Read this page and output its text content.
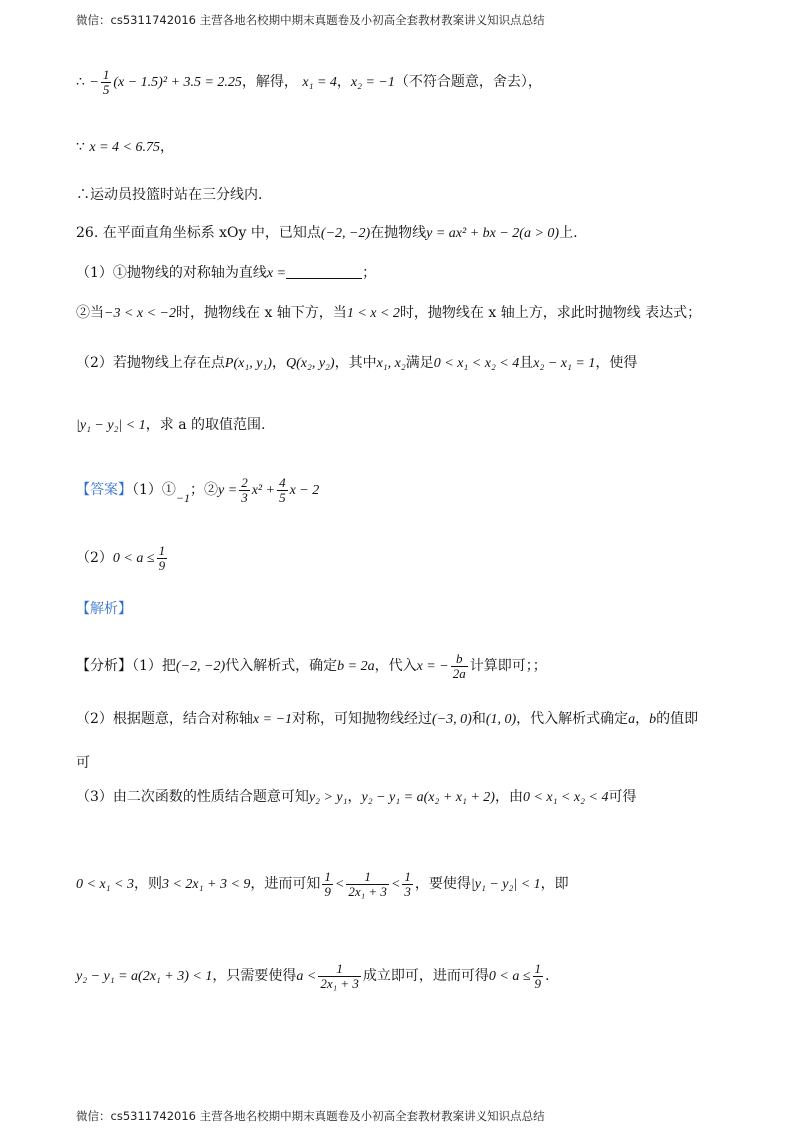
微信：cs5311742016 主营各地名校期中期末真题卷及小初高全套教材教案讲义知识点总结
∴ − $\frac{1}{5} (x - 1.5)^2 + 3.5 = 2.25$，解得， x₁ = 4，x₂ = −1（不符合题意，舍去），
∵ x = 4 < 6.75，
∴运动员投篮时站在三分线内.
26. 在平面直角坐标系 xOy 中，已知点(−2, −2)在抛物线y = ax² + bx − 2(a > 0)上.
（1）①抛物线的对称轴为直线x =	；
②当−3 < x < −2时，抛物线在 x 轴下方，当1 < x < 2时，抛物线在 x 轴上方，求此时抛物线 表达式；
（2）若抛物线上存在点P(x₁, y₁)，Q(x₂, y₂)，其中x₁, x₂满足0 < x₁ < x₂ < 4且x₂ − x₁ = 1，使得
|y₁ − y₂| < 1，求 a 的取值范围.
【答案】（1）①−1；②y = $\frac{2}{3} x^2 + \frac{4}{5}$ x − 2
$(2)0 < a \le \frac{1}{9}$
【解析】
【分析】（1）把(−2, −2)代入解析式，确定b = 2a，代入x = − $\frac{b}{2a}$ 计算即可；；
（2）根据题意，结合对称轴x = −1对称，可知抛物线经过(−3, 0)和(1, 0)，代入解析式确定a，b的值即
可
（3）由二次函数的性质结合题意可知y₂ > y₁，y₂ − y₁ = a(x₂ + x₁ + 2)，由0 < x₁ < x₂ < 4可得
0 < x₁ < 3，则3 < 2x₁ + 3 < 9，进而可知 $\frac{1}{9} < \frac{1}{\text{2x₁ + 3}} < \frac{1}{3}$ ，要使得|y₁ − y₂| < 1，即
y₂ − y₁ = a(2x₁ + 3) < 1，只需要使得$a < \frac{1}{\text{2x₁ + 3}}$ 成立即可，进而可得$0 < a \le \frac{1}{9}$ .
微信：cs5311742016 主营各地名校期中期末真题卷及小初高全套教材教案讲义知识点总结
